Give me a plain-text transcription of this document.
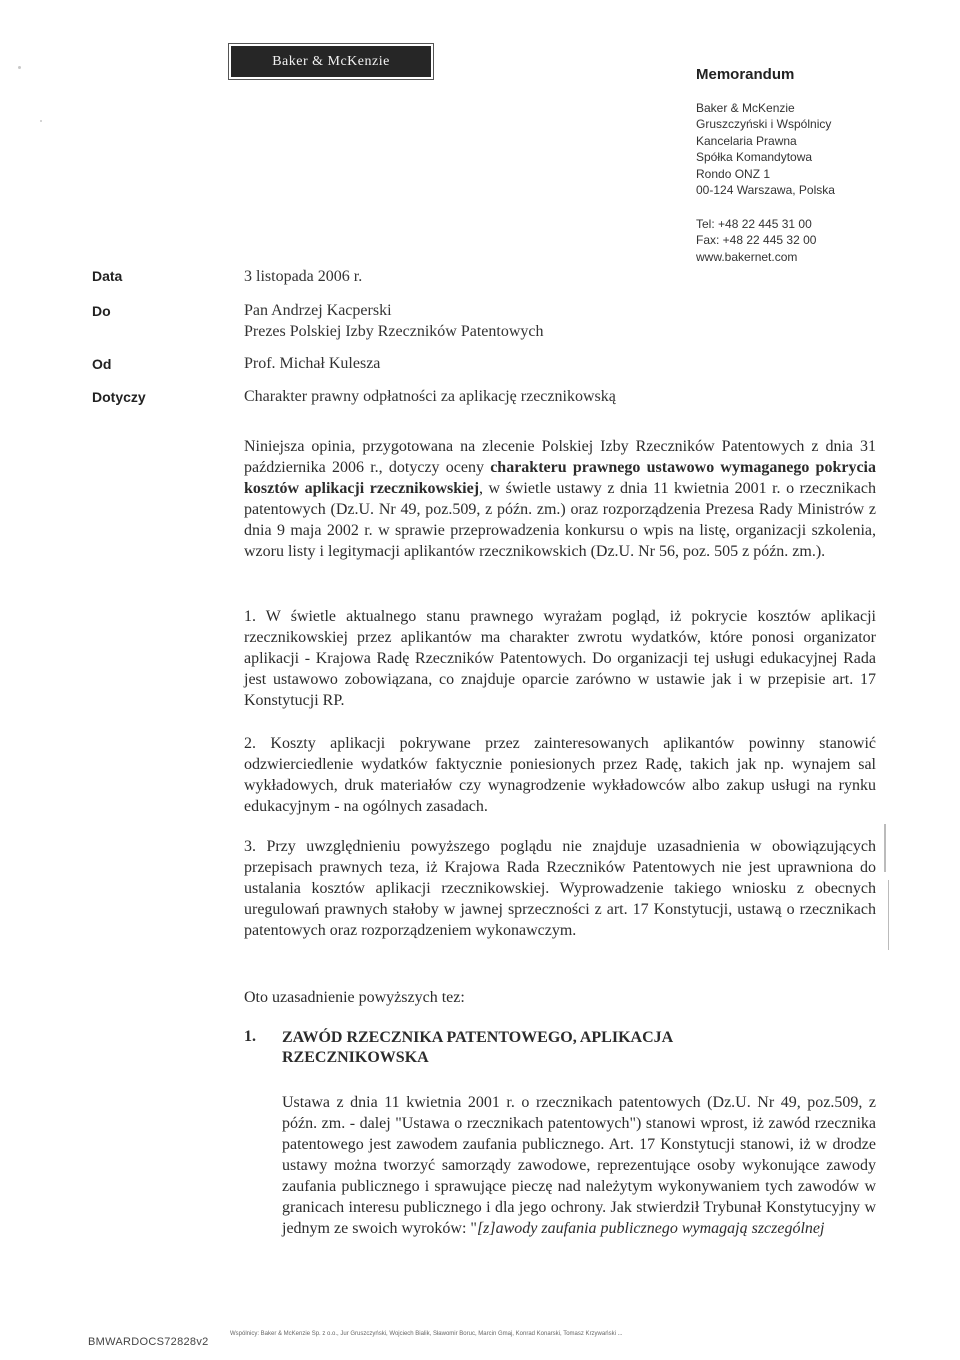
Baker & McKenzie
Memorandum
Baker & McKenzie
Gruszczyński i Wspólnicy
Kancelaria Prawna
Spółka Komandytowa
Rondo ONZ 1
00-124 Warszawa, Polska
Tel: +48 22 445 31 00
Fax: +48 22 445 32 00
www.bakernet.com
Data	3 listopada 2006 r.
Do	Pan Andrzej Kacperski
Prezes Polskiej Izby Rzeczników Patentowych
Od	Prof. Michał Kulesza
Dotyczy	Charakter prawny odpłatności za aplikację rzecznikowską
Niniejsza opinia, przygotowana na zlecenie Polskiej Izby Rzeczników Patentowych z dnia 31 października 2006 r., dotyczy oceny charakteru prawnego ustawowo wymaganego pokrycia kosztów aplikacji rzecznikowskiej, w świetle ustawy z dnia 11 kwietnia 2001 r. o rzecznikach patentowych (Dz.U. Nr 49, poz.509, z późn. zm.) oraz rozporządzenia Prezesa Rady Ministrów z dnia 9 maja 2002 r. w sprawie przeprowadzenia konkursu o wpis na listę, organizacji szkolenia, wzoru listy i legitymacji aplikantów rzecznikowskich (Dz.U. Nr 56, poz. 505 z późn. zm.).
1. W świetle aktualnego stanu prawnego wyrażam pogląd, iż pokrycie kosztów aplikacji rzecznikowskiej przez aplikantów ma charakter zwrotu wydatków, które ponosi organizator aplikacji - Krajowa Radę Rzeczników Patentowych. Do organizacji tej usługi edukacyjnej Rada jest ustawowo zobowiązana, co znajduje oparcie zarówno w ustawie jak i w przepisie art. 17 Konstytucji RP.
2. Koszty aplikacji pokrywane przez zainteresowanych aplikantów powinny stanowić odzwierciedlenie wydatków faktycznie poniesionych przez Radę, takich jak np. wynajem sal wykładowych, druk materiałów czy wynagrodzenie wykładowców albo zakup usługi na rynku edukacyjnym - na ogólnych zasadach.
3. Przy uwzględnieniu powyższego poglądu nie znajduje uzasadnienia w obowiązujących przepisach prawnych teza, iż Krajowa Rada Rzeczników Patentowych nie jest uprawniona do ustalania kosztów aplikacji rzecznikowskiej. Wyprowadzenie takiego wniosku z obecnych uregulowań prawnych stałoby w jawnej sprzeczności z art. 17 Konstytucji, ustawą o rzecznikach patentowych oraz rozporządzeniem wykonawczym.
Oto uzasadnienie powyższych tez:
1. ZAWÓD RZECZNIKA PATENTOWEGO, APLIKACJA RZECZNIKOWSKA
Ustawa z dnia 11 kwietnia 2001 r. o rzecznikach patentowych (Dz.U. Nr 49, poz.509, z późn. zm. - dalej "Ustawa o rzecznikach patentowych") stanowi wprost, iż zawód rzecznika patentowego jest zawodem zaufania publicznego. Art. 17 Konstytucji stanowi, iż w drodze ustawy można tworzyć samorządy zawodowe, reprezentujące osoby wykonujące zawody zaufania publicznego i sprawujące pieczę nad należytym wykonywaniem tych zawodów w granicach interesu publicznego i dla jego ochrony. Jak stwierdził Trybunał Konstytucyjny w jednym ze swoich wyroków: "[z]awody zaufania publicznego wymagają szczególnej
BMWARDOCS72828v2
Wspólnicy: Baker & McKenzie Sp. z o.o., Jur Gruszczyński, Wojciech Bialik, Sławomir Boruc, Marcin Gmaj, Konrad Konarski, Tomasz Krzywański ...
